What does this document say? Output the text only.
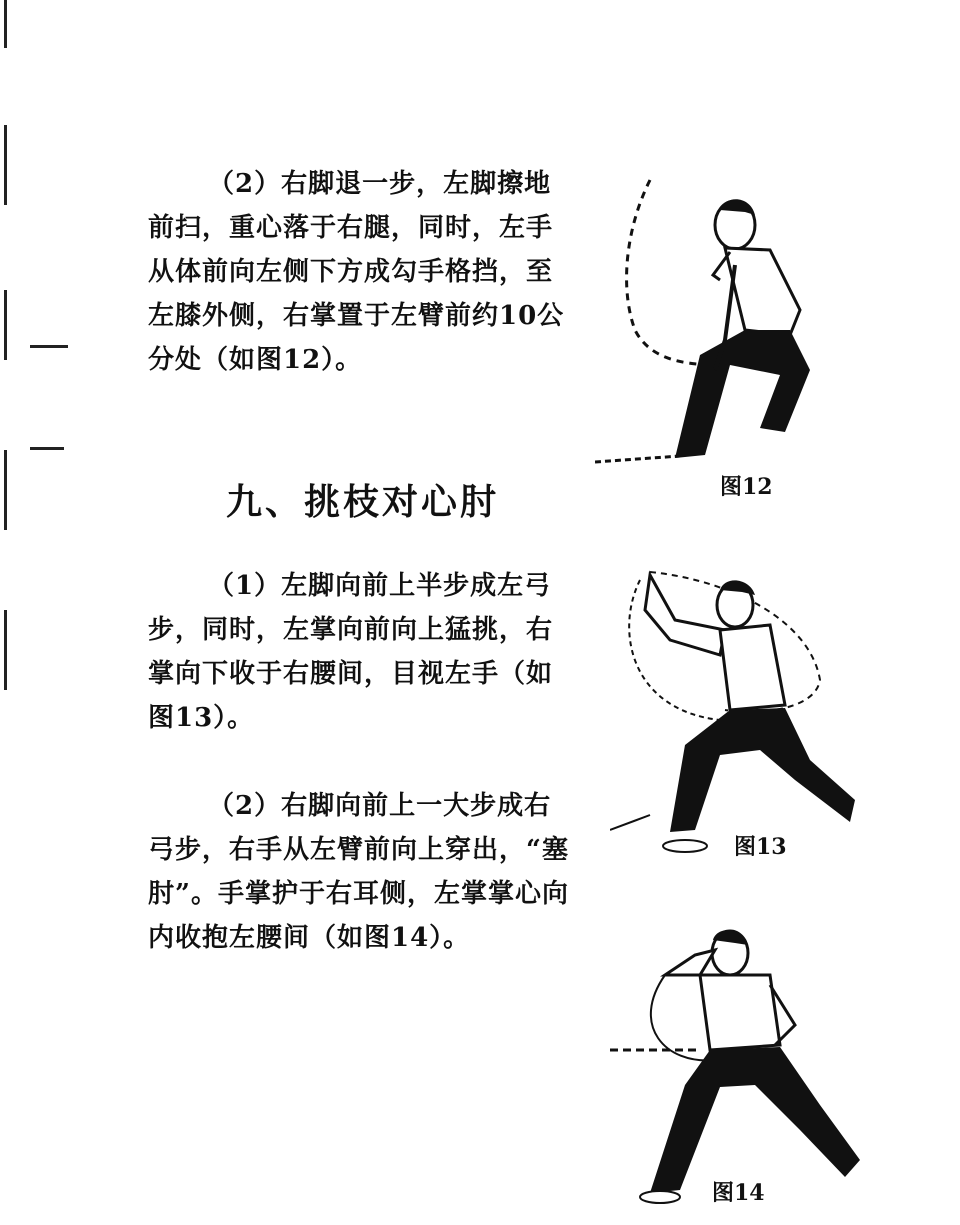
（2）右脚退一步，左脚擦地前扫，重心落于右腿，同时，左手从体前向左侧下方成勾手格挡，至左膝外侧，右掌置于左臂前约10公分处（如图12）。

九、挑枝对心肘

（1）左脚向前上半步成左弓步，同时，左掌向前向上猛挑，右掌向下收于右腰间，目视左手（如图13）。

（2）右脚向前上一大步成右弓步，右手从左臂前向上穿出，“塞肘”。手掌护于右耳侧，左掌掌心向内收抱左腰间（如图14）。

图12
图13
图14
